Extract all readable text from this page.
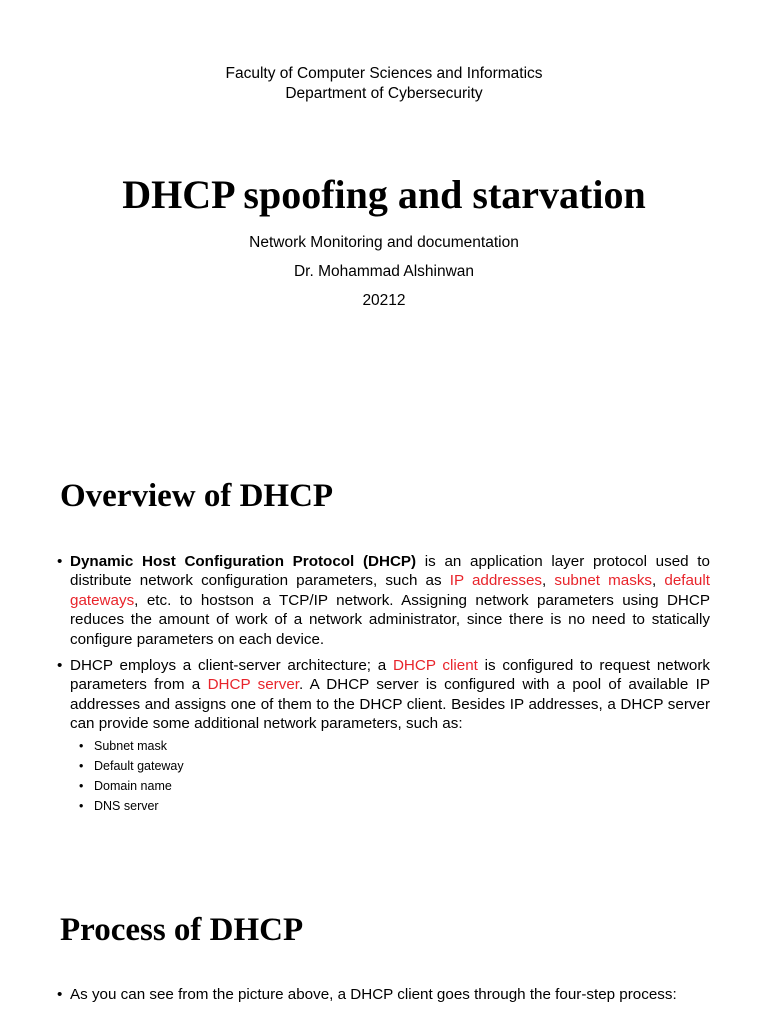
Faculty of Computer Sciences and Informatics
Department of Cybersecurity
DHCP spoofing and starvation
Network Monitoring and documentation
Dr. Mohammad Alshinwan
20212
Overview of DHCP
• Dynamic Host Configuration Protocol (DHCP) is an application layer protocol used to distribute network configuration parameters, such as IP addresses, subnet masks, default gateways, etc. to hostson a TCP/IP network. Assigning network parameters using DHCP reduces the amount of work of a network administrator, since there is no need to statically configure parameters on each device.
• DHCP employs a client-server architecture; a DHCP client is configured to request network parameters from a DHCP server. A DHCP server is configured with a pool of available IP addresses and assigns one of them to the DHCP client. Besides IP addresses, a DHCP server can provide some additional network parameters, such as:
• Subnet mask
• Default gateway
• Domain name
• DNS server
Process of DHCP
• As you can see from the picture above, a DHCP client goes through the four-step process:
